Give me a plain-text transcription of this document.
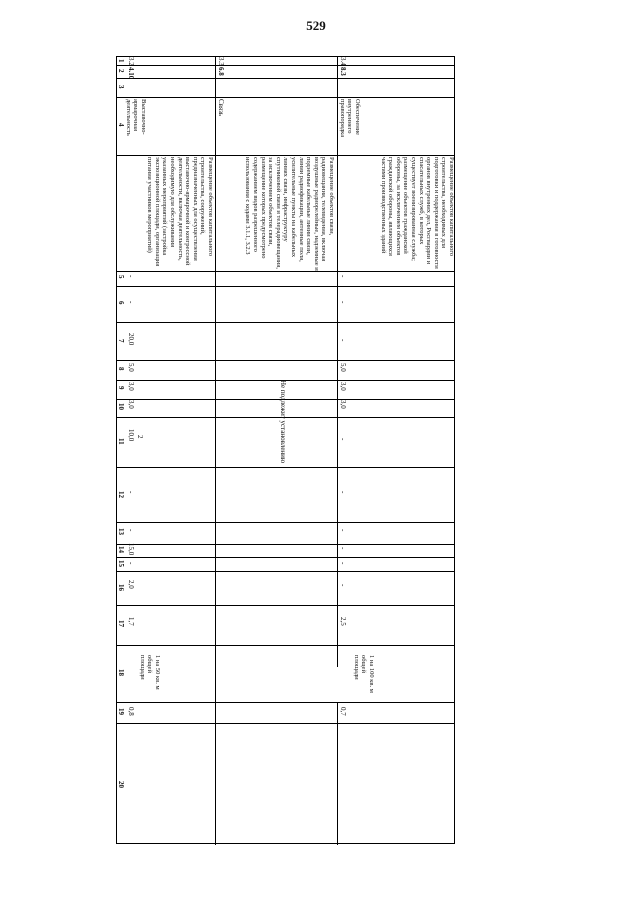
529
1
2
3
4
5
6
7
8
9
10
11
12
13
14
15
16
17
18
19
20
3.2
4.10
Выставочно-ярмарочная деятельность
Размещение объектов капитального строительства, сооружений, предназначенных для осуществления выставочно-ярмарочной и конгрессной деятельности, включая деятельность, необходимую для обслуживания указанных мероприятий (застройка экспозиционной площади, организация питания участников мероприятий)
-
-
20,0
5,0
3,0
3,0
10,0 2
-
-
15,0
-
2,0
1,7
1 на 50 кв. м общей площади
0,8
3.3
6.8
Связь
Размещение объектов связи, радиовещания, телевидения, включая воздушные радиорелейные, надземные и подземные кабельные линии связи, линии радиофикации, антенные поля, усилительные пункты на кабельных линиях связи, инфраструктуру спутниковой связи и телерадиовещания, за исключением объектов связи, размещение которых предусмотрено содержанием видов разрешенного использования с кодами 3.1.1, 3.2.3
Не подлежит установлению
3.4
8.3
Обеспечение внутреннего правопорядка
Размещение объектов капитального строительства, необходимых для подготовки и поддержания в готовности органов внутренних дел, Росгвардии и спасательных служб, в которых существует военизированная служба; размещение объектов гражданской обороны, за исключением объектов гражданской обороны, являющихся частями производственных зданий
-
-
-
5,0
3,0
3,0
-
-
-
-
-
-
2,5
1 на 100 кв. м общей площади
0,7
